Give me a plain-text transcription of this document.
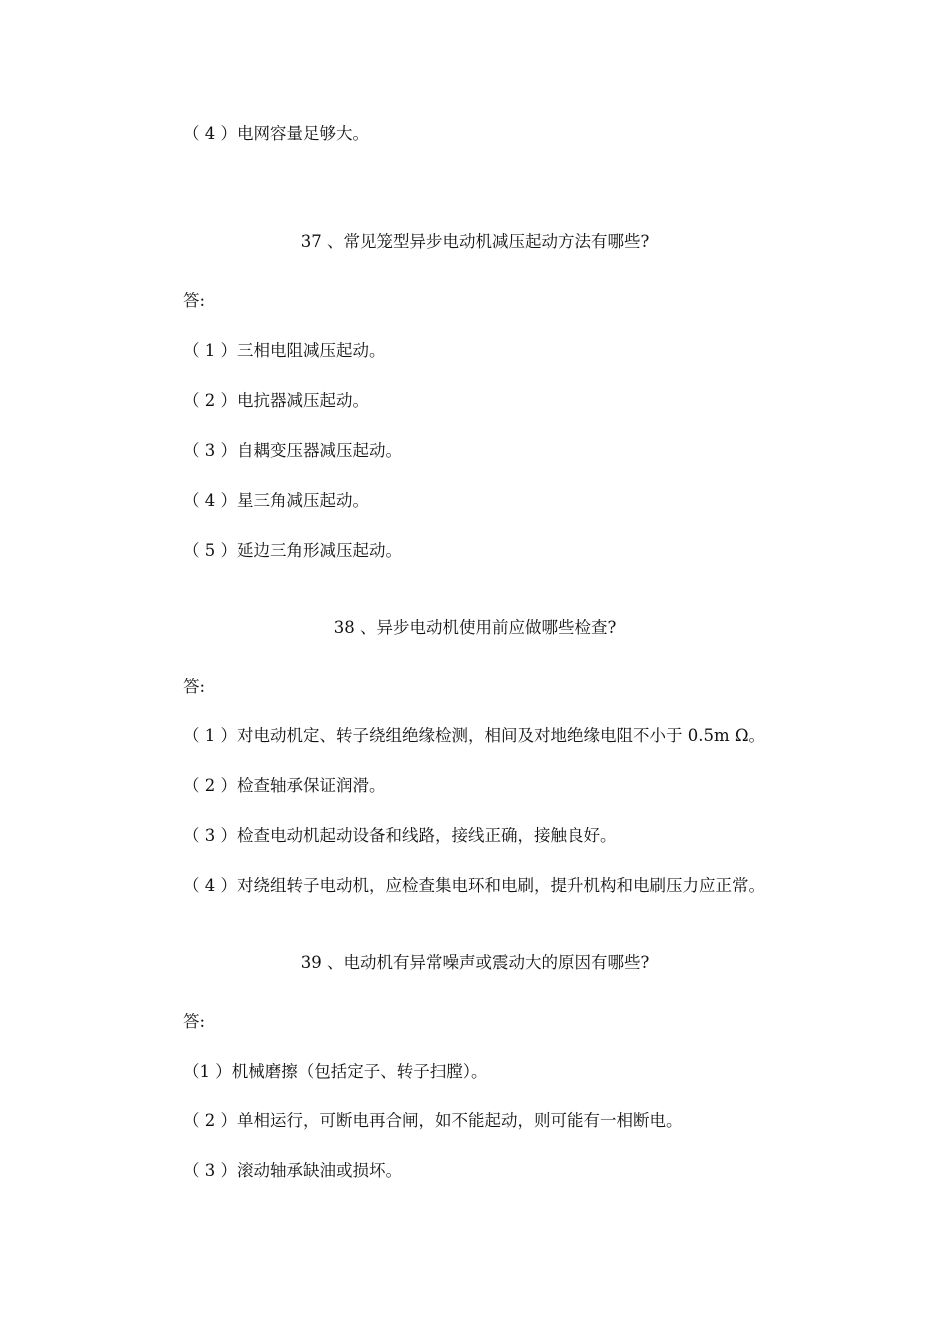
（ 4 ）电网容量足够大。
37 、常见笼型异步电动机减压起动方法有哪些?
答:
（ 1 ）三相电阻减压起动。
（ 2 ）电抗器减压起动。
（ 3 ）自耦变压器减压起动。
（ 4 ）星三角减压起动。
（ 5 ）延边三角形减压起动。
38 、异步电动机使用前应做哪些检查?
答:
（ 1 ）对电动机定、转子绕组绝缘检测，相间及对地绝缘电阻不小于 0.5m Ω。
（ 2 ）检查轴承保证润滑。
（ 3 ）检查电动机起动设备和线路，接线正确，接触良好。
（ 4 ）对绕组转子电动机，应检查集电环和电刷，提升机构和电刷压力应正常。
39 、电动机有异常噪声或震动大的原因有哪些?
答:
（1 ）机械磨擦（包括定子、转子扫膛）。
（ 2 ）单相运行，可断电再合闸，如不能起动，则可能有一相断电。
（ 3 ）滚动轴承缺油或损坏。
